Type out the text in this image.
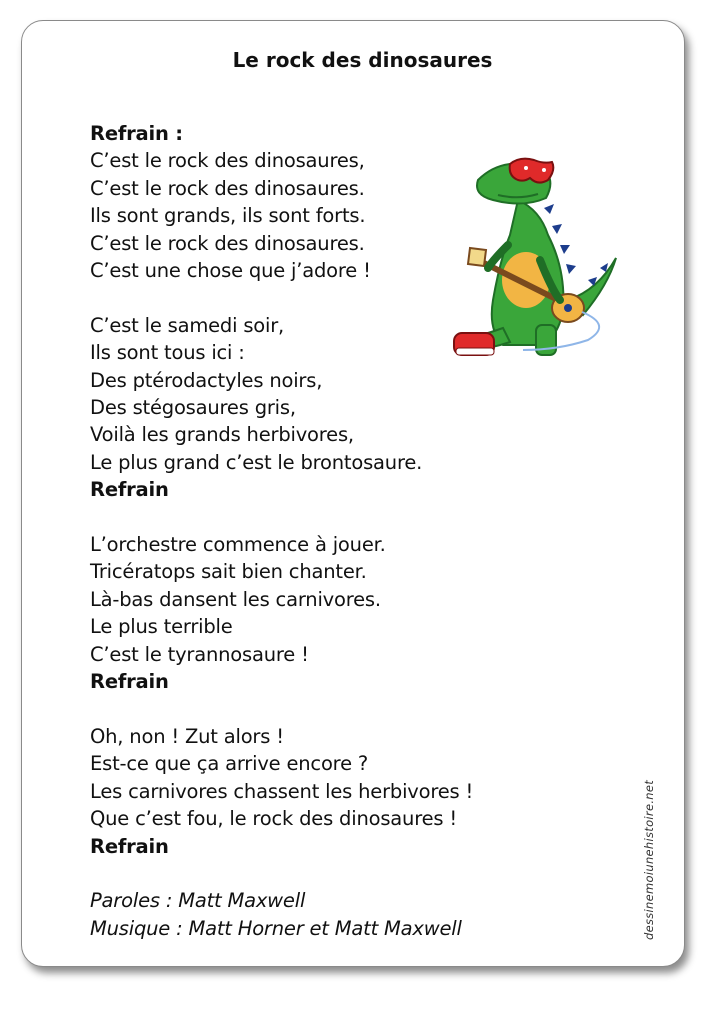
Le rock des dinosaures
Refrain :
C’est le rock des dinosaures,
C’est le rock des dinosaures.
Ils sont grands, ils sont forts.
C’est le rock des dinosaures.
C’est une chose que j’adore !
C’est le samedi soir,
Ils sont tous ici :
Des ptérodactyles noirs,
Des stégosaures gris,
Voilà les grands herbivores,
Le plus grand c’est le brontosaure.
Refrain
L’orchestre commence à jouer.
Tricératops sait bien chanter.
Là-bas dansent les carnivores.
Le plus terrible
C’est le tyrannosaure !
Refrain
Oh, non ! Zut alors !
Est-ce que ça arrive encore ?
Les carnivores chassent les herbivores !
Que c’est fou, le rock des dinosaures !
Refrain
Paroles : Matt Maxwell
Musique : Matt Horner et Matt Maxwell	dessinemoiunehistoire.net
